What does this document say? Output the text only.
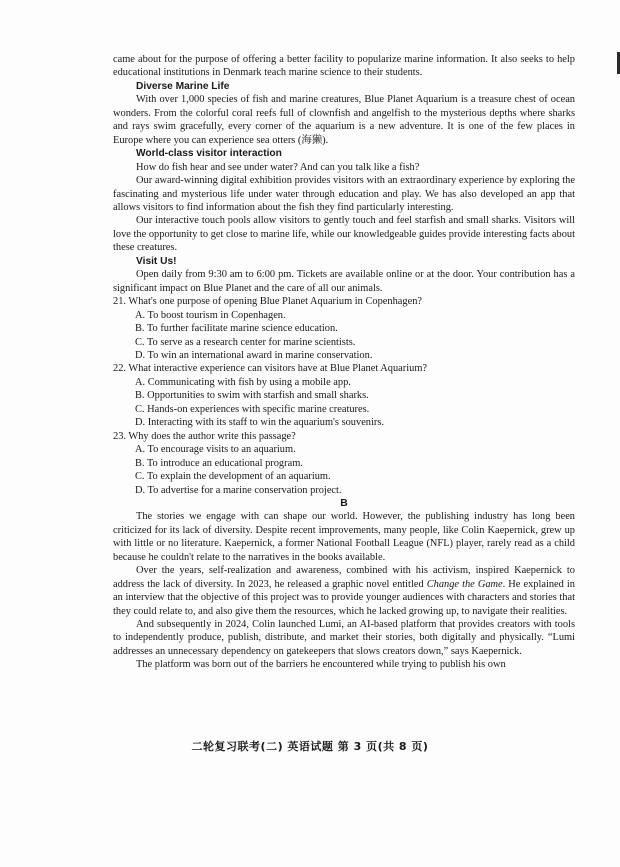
came about for the purpose of offering a better facility to popularize marine information. It also seeks to help educational institutions in Denmark teach marine science to their students.

Diverse Marine Life

With over 1,000 species of fish and marine creatures, Blue Planet Aquarium is a treasure chest of ocean wonders. From the colorful coral reefs full of clownfish and angelfish to the mysterious depths where sharks and rays swim gracefully, every corner of the aquarium is a new adventure. It is one of the few places in Europe where you can experience sea otters (海獭).

World-class visitor interaction

How do fish hear and see under water? And can you talk like a fish?

Our award-winning digital exhibition provides visitors with an extraordinary experience by exploring the fascinating and mysterious life under water through education and play. We has also developed an app that allows visitors to find information about the fish they find particularly interesting.

Our interactive touch pools allow visitors to gently touch and feel starfish and small sharks. Visitors will love the opportunity to get close to marine life, while our knowledgeable guides provide interesting facts about these creatures.

Visit Us!

Open daily from 9:30 am to 6:00 pm. Tickets are available online or at the door. Your contribution has a significant impact on Blue Planet and the care of all our animals.

21. What's one purpose of opening Blue Planet Aquarium in Copenhagen?

A. To boost tourism in Copenhagen.

B. To further facilitate marine science education.

C. To serve as a research center for marine scientists.

D. To win an international award in marine conservation.

22. What interactive experience can visitors have at Blue Planet Aquarium?

A. Communicating with fish by using a mobile app.

B. Opportunities to swim with starfish and small sharks.

C. Hands-on experiences with specific marine creatures.

D. Interacting with its staff to win the aquarium's souvenirs.

23. Why does the author write this passage?

A. To encourage visits to an aquarium.

B. To introduce an educational program.

C. To explain the development of an aquarium.

D. To advertise for a marine conservation project.

B

The stories we engage with can shape our world. However, the publishing industry has long been criticized for its lack of diversity. Despite recent improvements, many people, like Colin Kaepernick, grew up with little or no literature. Kaepernick, a former National Football League (NFL) player, rarely read as a child because he couldn't relate to the narratives in the books available.

Over the years, self-realization and awareness, combined with his activism, inspired Kaepernick to address the lack of diversity. In 2023, he released a graphic novel entitled Change the Game. He explained in an interview that the objective of this project was to provide younger audiences with characters and stories that they could relate to, and also give them the resources, which he lacked growing up, to navigate their realities.

And subsequently in 2024, Colin launched Lumi, an AI-based platform that provides creators with tools to independently produce, publish, distribute, and market their stories, both digitally and physically. “Lumi addresses an unnecessary dependency on gatekeepers that slows creators down,” says Kaepernick.

The platform was born out of the barriers he encountered while trying to publish his own

二轮复习联考(二) 英语试题 第 3 页(共 8 页)
